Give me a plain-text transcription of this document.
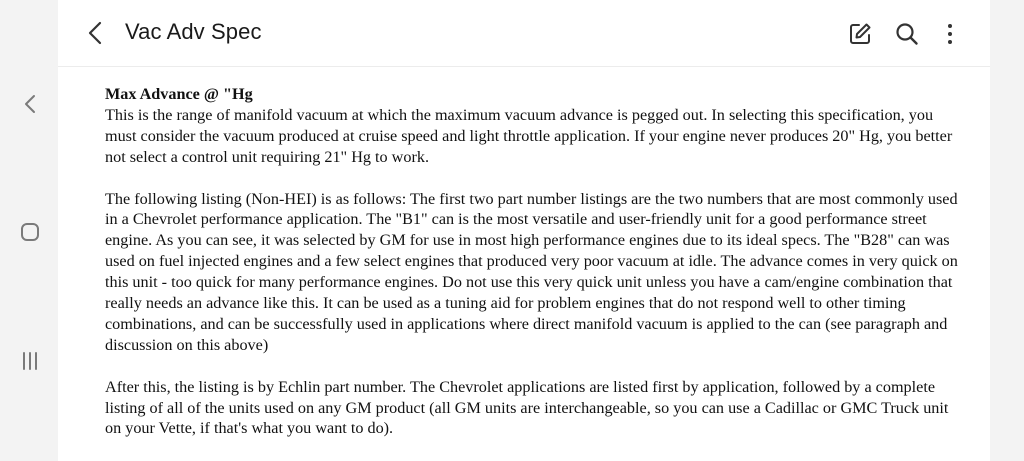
Vac Adv Spec
Max Advance @ "Hg

This is the range of manifold vacuum at which the maximum vacuum advance is pegged out. In selecting this specification, you must consider the vacuum produced at cruise speed and light throttle application. If your engine never produces 20" Hg, you better not select a control unit requiring 21" Hg to work.

The following listing (Non-HEI) is as follows: The first two part number listings are the two numbers that are most commonly used in a Chevrolet performance application. The "B1" can is the most versatile and user-friendly unit for a good performance street engine. As you can see, it was selected by GM for use in most high performance engines due to its ideal specs. The "B28" can was used on fuel injected engines and a few select engines that produced very poor vacuum at idle. The advance comes in very quick on this unit - too quick for many performance engines. Do not use this very quick unit unless you have a cam/engine combination that really needs an advance like this. It can be used as a tuning aid for problem engines that do not respond well to other timing combinations, and can be successfully used in applications where direct manifold vacuum is applied to the can (see paragraph and discussion on this above)

After this, the listing is by Echlin part number. The Chevrolet applications are listed first by application, followed by a complete listing of all of the units used on any GM product (all GM units are interchangeable, so you can use a Cadillac or GMC Truck unit on your Vette, if that's what you want to do).
